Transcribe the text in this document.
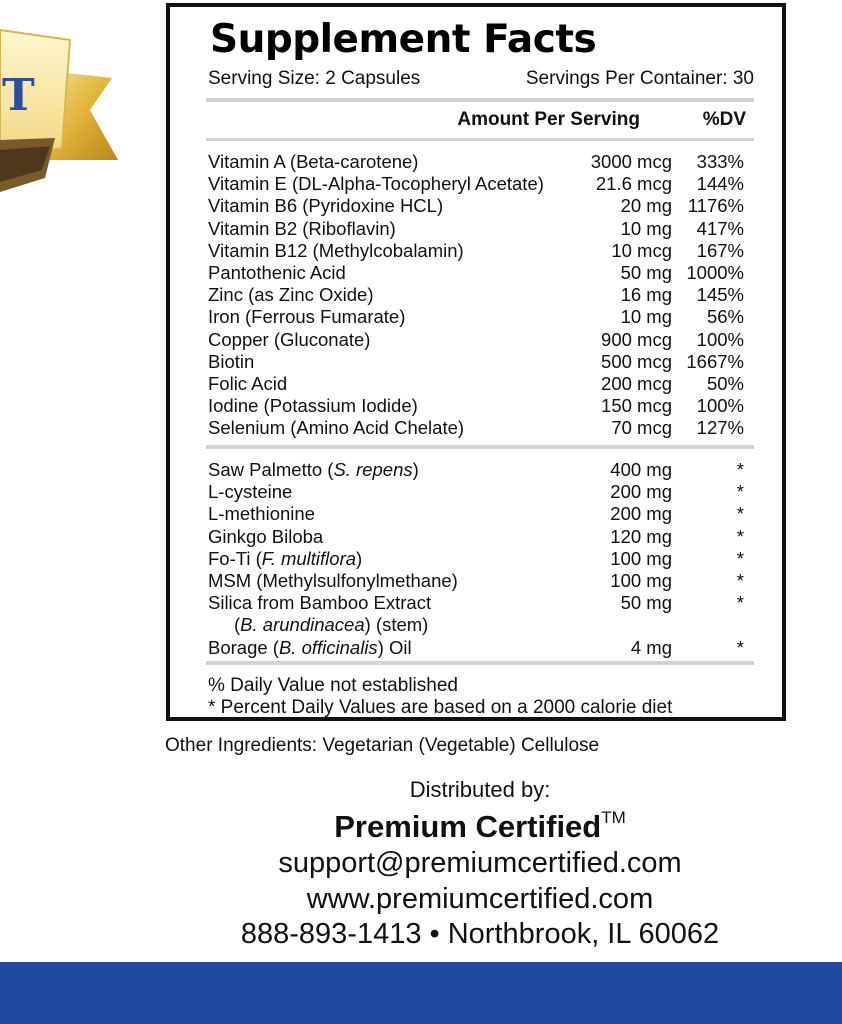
T
Supplement Facts
Serving Size: 2 Capsules	Servings Per Container: 30
Amount Per Serving	%DV
Vitamin A (Beta-carotene)	3000 mcg 333%
Vitamin E (DL-Alpha-Tocopheryl Acetate)	21.6 mcg 144%
Vitamin B6 (Pyridoxine HCL)	20 mg 1176%
Vitamin B2 (Riboflavin)	10 mg 417%
Vitamin B12 (Methylcobalamin)	10 mcg 167%
Pantothenic Acid	50 mg 1000%
Zinc (as Zinc Oxide)	16 mg 145%
Iron (Ferrous Fumarate)	10 mg 56%
Copper (Gluconate)	900 mcg 100%
Biotin	500 mcg 1667%
Folic Acid	200 mcg 50%
Iodine (Potassium Iodide)	150 mcg 100%
Selenium (Amino Acid Chelate)	70 mcg 127%
Saw Palmetto (S. repens)	400 mg	*
L-cysteine	200 mg	*
L-methionine	200 mg	*
Ginkgo Biloba	120 mg	*
Fo-Ti (F. multiflora)	100 mg	*
MSM (Methylsulfonylmethane)	100 mg	*
Silica from Bamboo Extract	50 mg	*
(B. arundinacea) (stem)
Borage (B. officinalis) Oil	4 mg	*
% Daily Value not established
* Percent Daily Values are based on a 2000 calorie diet
Other Ingredients: Vegetarian (Vegetable) Cellulose
Distributed by:
Premium Certified™
support@premiumcertified.com
www.premiumcertified.com
888-893-1413 • Northbrook, IL 60062
